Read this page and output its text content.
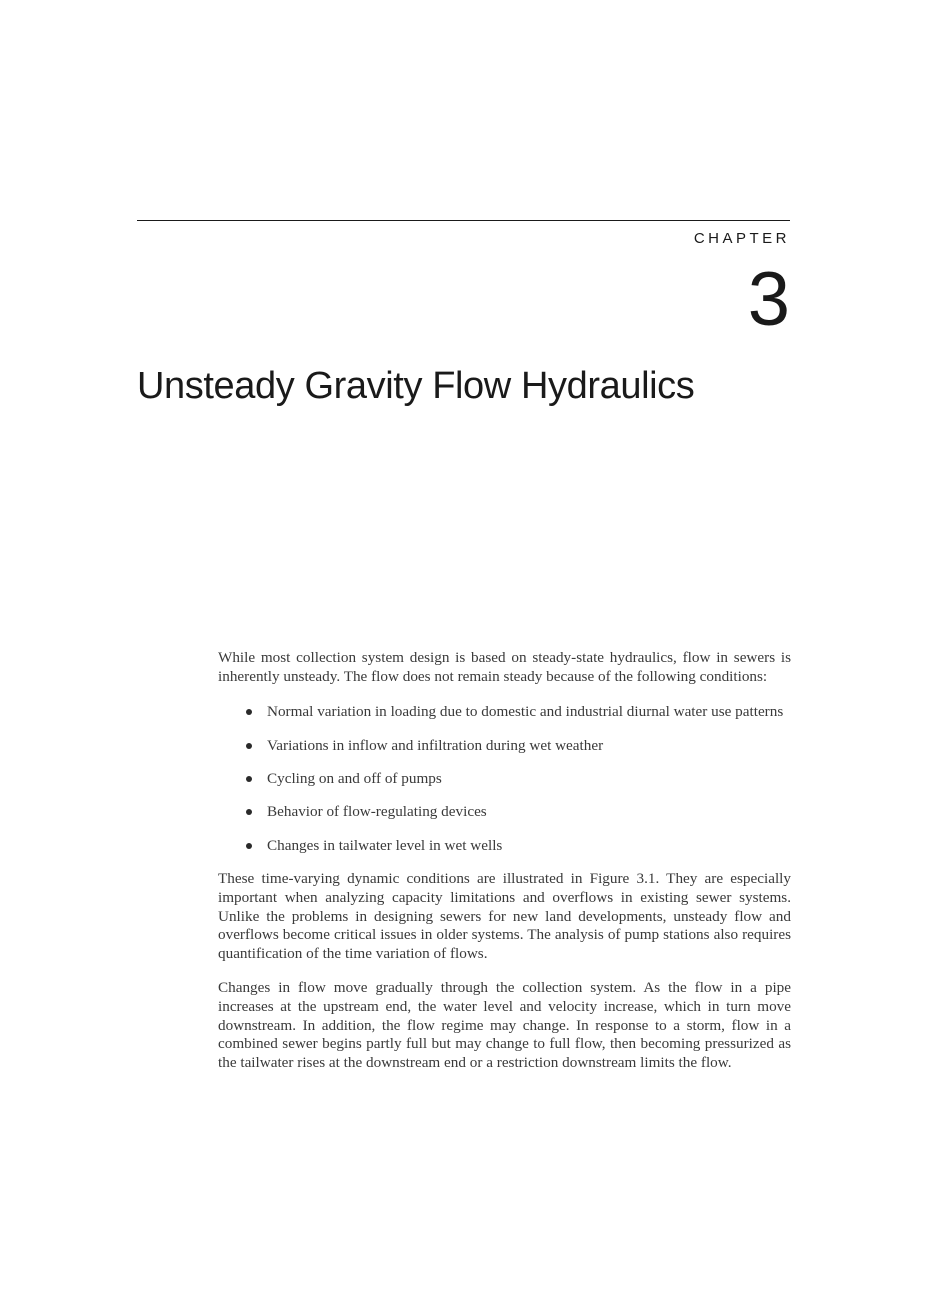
CHAPTER
3
Unsteady Gravity Flow Hydraulics

While most collection system design is based on steady-state hydraulics, flow in sewers is inherently unsteady. The flow does not remain steady because of the following conditions:

Normal variation in loading due to domestic and industrial diurnal water use patterns
Variations in inflow and infiltration during wet weather
Cycling on and off of pumps
Behavior of flow-regulating devices
Changes in tailwater level in wet wells

These time-varying dynamic conditions are illustrated in Figure 3.1. They are especially important when analyzing capacity limitations and overflows in existing sewer systems. Unlike the problems in designing sewers for new land developments, unsteady flow and overflows become critical issues in older systems. The analysis of pump stations also requires quantification of the time variation of flows.

Changes in flow move gradually through the collection system. As the flow in a pipe increases at the upstream end, the water level and velocity increase, which in turn move downstream. In addition, the flow regime may change. In response to a storm, flow in a combined sewer begins partly full but may change to full flow, then becoming pressurized as the tailwater rises at the downstream end or a restriction downstream limits the flow.
